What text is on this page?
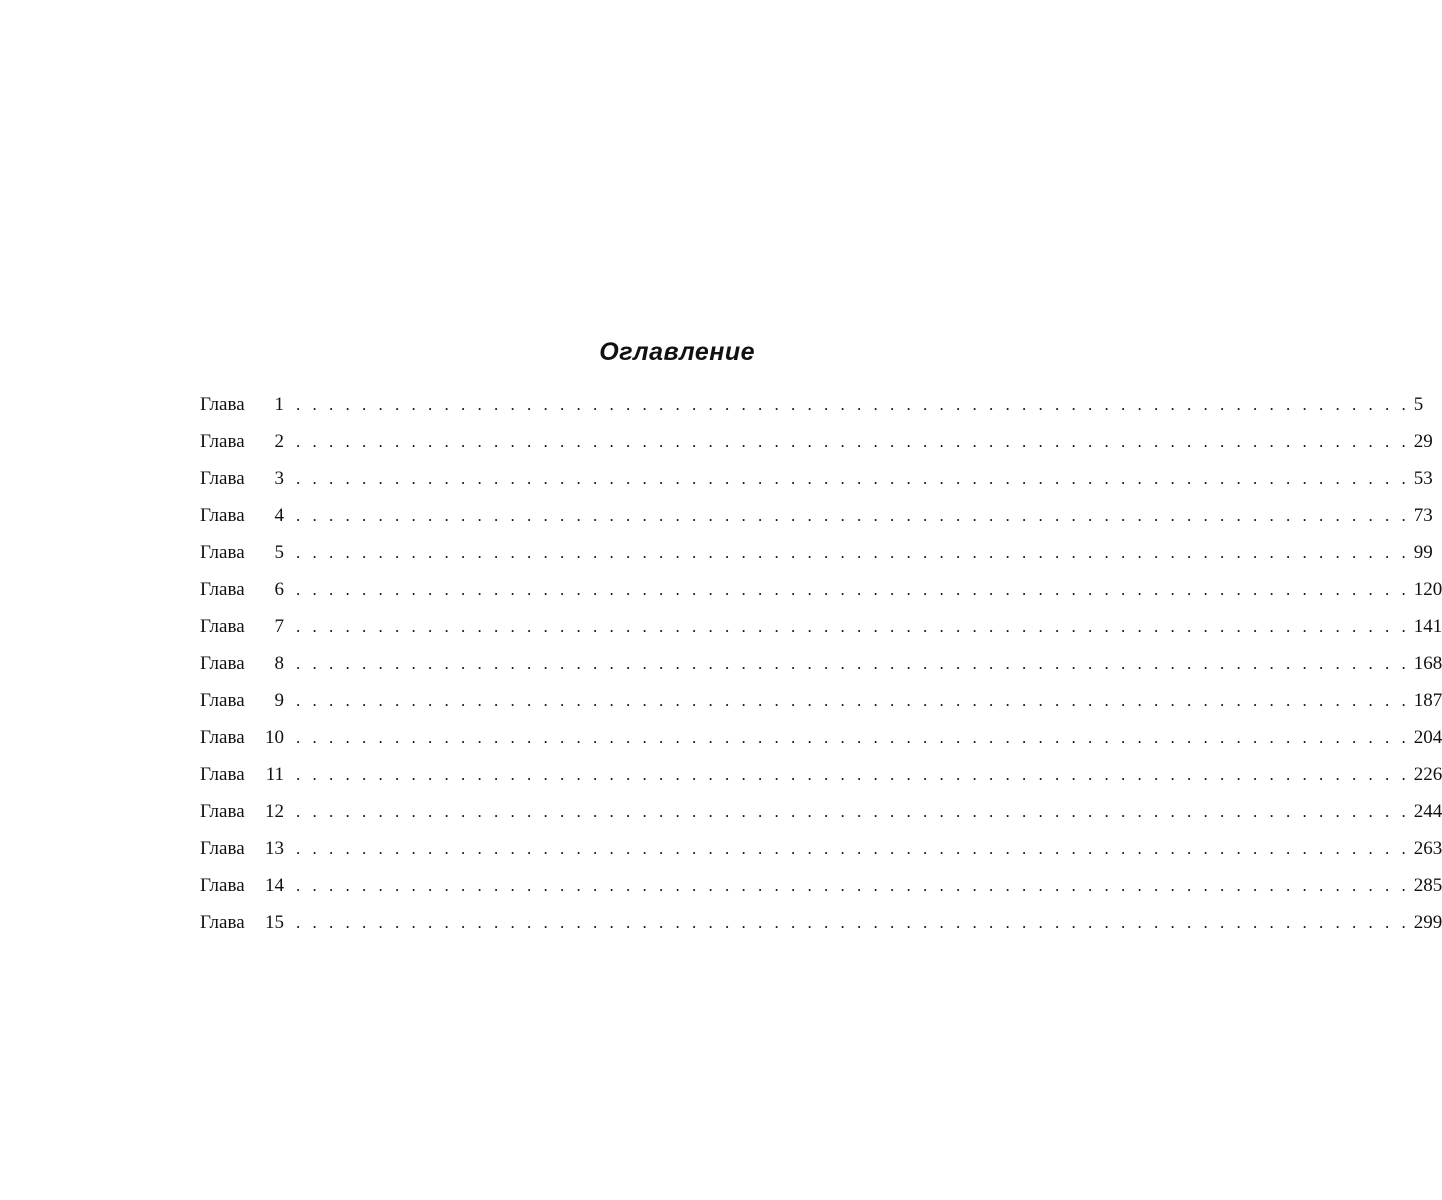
Оглавление
Глава	1 . . . . . . . . . . . . . . . . . . . . . . . . . . . . . . . . . . . . . . . . . . . . . . . . . . . . . . . . . . . . . . . . . . . . 5
Глава	2 . . . . . . . . . . . . . . . . . . . . . . . . . . . . . . . . . . . . . . . . . . . . . . . . . . . . . . . . . . . . . . . . . . . . 29
Глава	3 . . . . . . . . . . . . . . . . . . . . . . . . . . . . . . . . . . . . . . . . . . . . . . . . . . . . . . . . . . . . . . . . . . . . 53
Глава	4 . . . . . . . . . . . . . . . . . . . . . . . . . . . . . . . . . . . . . . . . . . . . . . . . . . . . . . . . . . . . . . . . . . . . 73
Глава	5 . . . . . . . . . . . . . . . . . . . . . . . . . . . . . . . . . . . . . . . . . . . . . . . . . . . . . . . . . . . . . . . . . . . . 99
Глава	6 . . . . . . . . . . . . . . . . . . . . . . . . . . . . . . . . . . . . . . . . . . . . . . . . . . . . . . . . . . . . . . . . . . . . 120
Глава	7 . . . . . . . . . . . . . . . . . . . . . . . . . . . . . . . . . . . . . . . . . . . . . . . . . . . . . . . . . . . . . . . . . . . . 141
Глава	8 . . . . . . . . . . . . . . . . . . . . . . . . . . . . . . . . . . . . . . . . . . . . . . . . . . . . . . . . . . . . . . . . . . . . 168
Глава	9 . . . . . . . . . . . . . . . . . . . . . . . . . . . . . . . . . . . . . . . . . . . . . . . . . . . . . . . . . . . . . . . . . . . . 187
Глава	10 . . . . . . . . . . . . . . . . . . . . . . . . . . . . . . . . . . . . . . . . . . . . . . . . . . . . . . . . . . . . . . . . . . . . 204
Глава	11 . . . . . . . . . . . . . . . . . . . . . . . . . . . . . . . . . . . . . . . . . . . . . . . . . . . . . . . . . . . . . . . . . . . . 226
Глава	12 . . . . . . . . . . . . . . . . . . . . . . . . . . . . . . . . . . . . . . . . . . . . . . . . . . . . . . . . . . . . . . . . . . . . 244
Глава	13 . . . . . . . . . . . . . . . . . . . . . . . . . . . . . . . . . . . . . . . . . . . . . . . . . . . . . . . . . . . . . . . . . . . . 263
Глава	14 . . . . . . . . . . . . . . . . . . . . . . . . . . . . . . . . . . . . . . . . . . . . . . . . . . . . . . . . . . . . . . . . . . . . 285
Глава	15 . . . . . . . . . . . . . . . . . . . . . . . . . . . . . . . . . . . . . . . . . . . . . . . . . . . . . . . . . . . . . . . . . . . . 299
